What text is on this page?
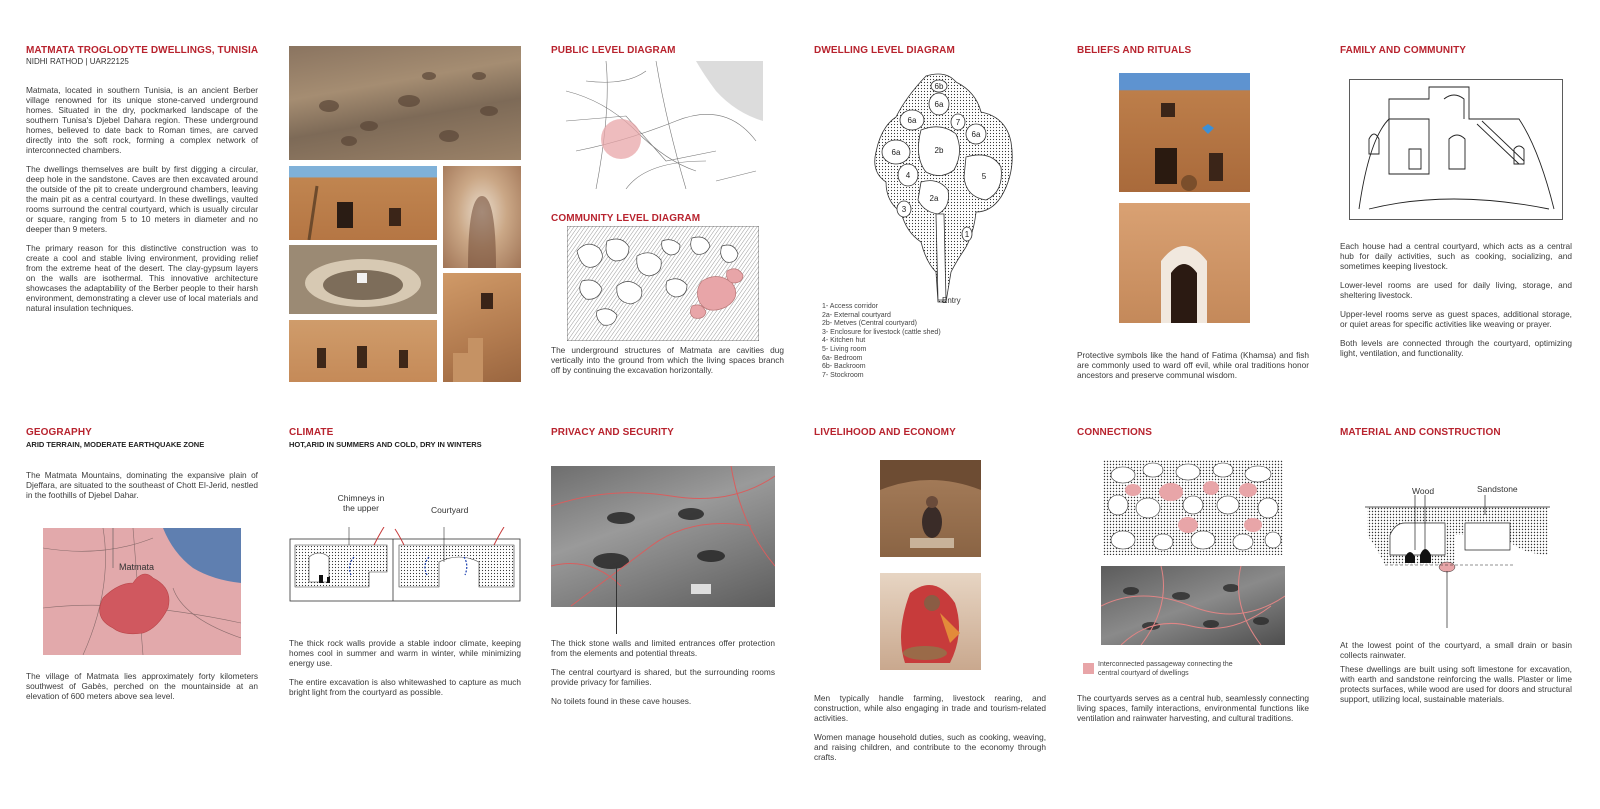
MATMATA TROGLODYTE DWELLINGS, TUNISIA
NIDHI RATHOD | UAR22125

Matmata, located in southern Tunisia, is an ancient Berber village renowned for its unique stone-carved underground homes. Situated in the dry, pockmarked landscape of the southern Tunisa's Djebel Dahara region. These underground homes, believed to date back to Roman times, are carved directly into the soft rock, forming a complex network of interconnected chambers.

The dwellings themselves are built by first digging a circular, deep hole in the sandstone. Caves are then excavated around the outside of the pit to create underground chambers, leaving the main pit as a central courtyard. In these dwellings, vaulted rooms surround the central courtyard, which is usually circular or square, ranging from 5 to 10 meters in diameter and no deeper than 9 meters.

The primary reason for this distinctive construction was to create a cool and stable living environment, providing relief from the extreme heat of the desert. The clay-gypsum layers on the walls are isothermal. This innovative architecture showcases the adaptability of the Berber people to their harsh environment, demonstrating a clever use of local materials and natural insulation techniques.

PUBLIC LEVEL DIAGRAM
COMMUNITY LEVEL DIAGRAM
The underground structures of Matmata are cavities dug vertically into the ground from which the living spaces branch off by continuing the excavation horizontally.
DWELLING LEVEL DIAGRAM
6b
6a
6a	7
6a
6a	2b
5
4
2a
3
1
Entry
1- Access corridor
2a- External courtyard
2b- Metves (Central courtyard)
3- Enclosure for livestock (cattle shed)
4- Kitchen hut
5- Living room
6a- Bedroom
6b- Backroom
7- Stockroom
BELIEFS AND RITUALS
Protective symbols like the hand of Fatima (Khamsa) and fish are commonly used to ward off evil, while oral traditions honor ancestors and preserve communal wisdom.
FAMILY AND COMMUNITY

Each house had a central courtyard, which acts as a central hub for daily activities, such as cooking, socializing, and sometimes keeping livestock.

Lower-level rooms are used for daily living, storage, and sheltering livestock.

Upper-level rooms serve as guest spaces, additional storage, or quiet areas for specific activities like weaving or prayer.

Both levels are connected through the courtyard, optimizing light, ventilation, and functionality.

GEOGRAPHY
ARID TERRAIN, MODERATE EARTHQUAKE ZONE
The Matmata Mountains, dominating the expansive plain of Djeffara, are situated to the southeast of Chott El-Jerid, nestled in the foothills of Djebel Dahar.
Matmata
The village of Matmata lies approximately forty kilometers southwest of Gabès, perched on the mountainside at an elevation of 600 meters above sea level.
CLIMATE
HOT,ARID IN SUMMERS AND COLD, DRY IN WINTERS
Chimneys in the upper	Courtyard

The thick rock walls provide a stable indoor climate, keeping homes cool in summer and warm in winter, while minimizing energy use.

The entire excavation is also whitewashed to capture as much bright light from the courtyard as possible.

PRIVACY AND SECURITY

The thick stone walls and limited entrances offer protection from the elements and potential threats.

The central courtyard is shared, but the surrounding rooms provide privacy for families.

No toilets found in these cave houses.

LIVELIHOOD AND ECONOMY

Men typically handle farming, livestock rearing, and construction, while also engaging in trade and tourism-related activities.

Women manage household duties, such as cooking, weaving, and raising children, and contribute to the economy through crafts.

CONNECTIONS
Interconnected passageway connecting the central courtyard of dwellings
The courtyards serves as a central hub, seamlessly connecting living spaces, family interactions, environmental functions like ventilation and rainwater harvesting, and cultural traditions.
MATERIAL AND CONSTRUCTION
Wood	Sandstone

At the lowest point of the courtyard, a small drain or basin collects rainwater.

These dwellings are built using soft limestone for excavation, with earth and sandstone reinforcing the walls. Plaster or lime protects surfaces, while wood are used for doors and structural support, utilizing local, sustainable materials.
